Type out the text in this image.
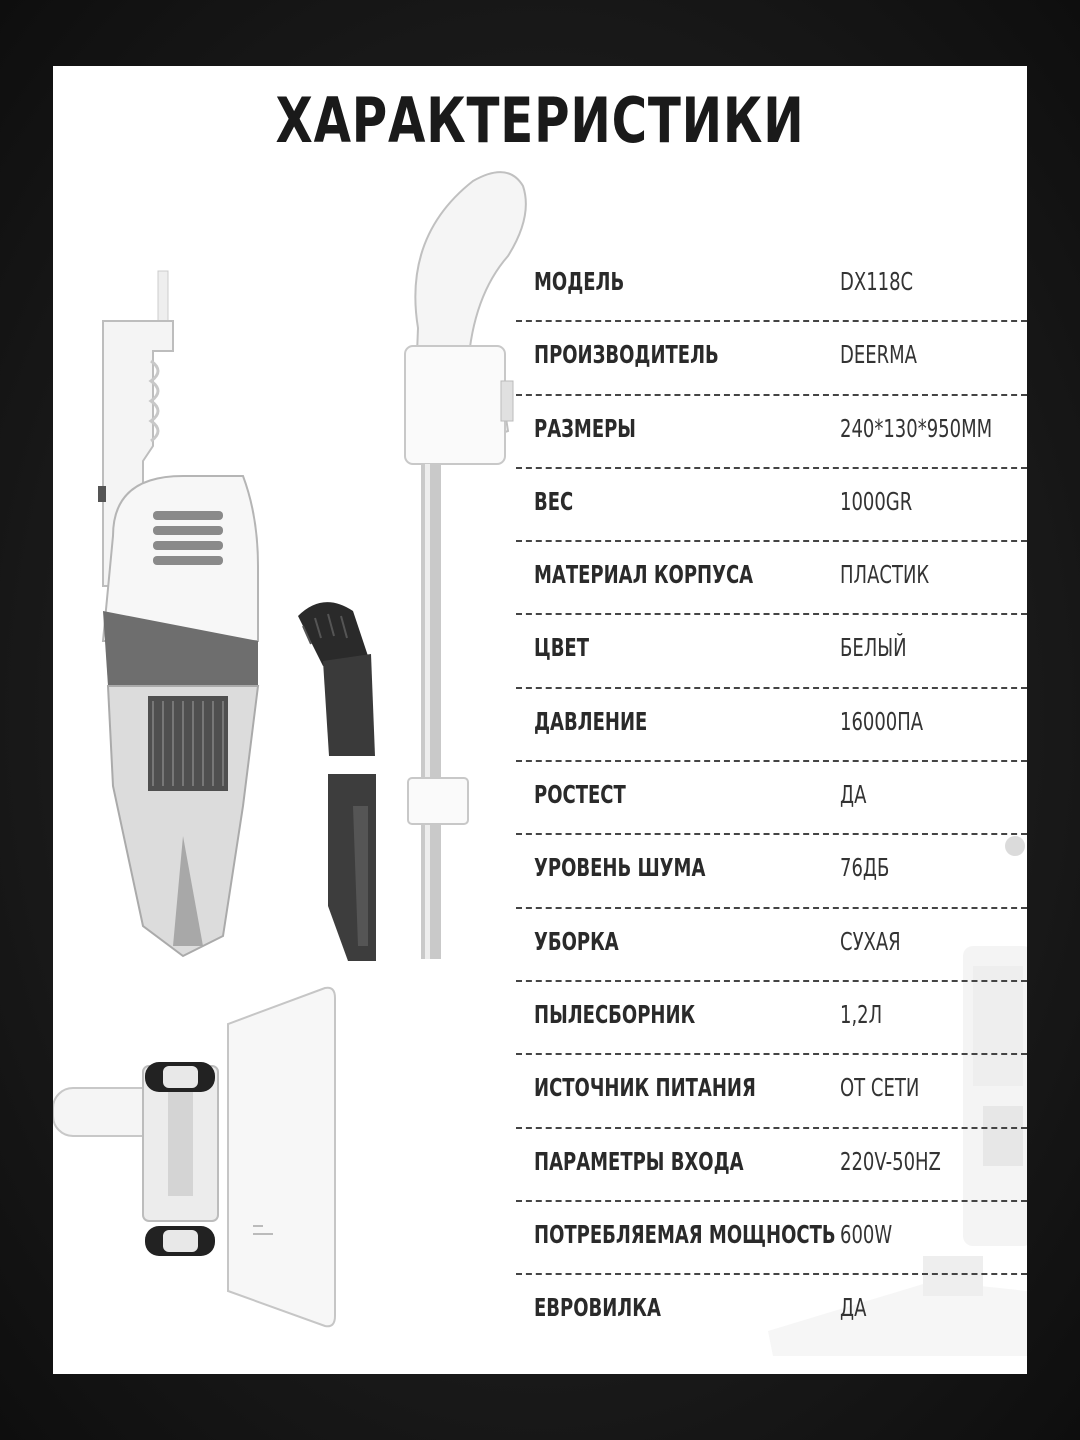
ХАРАКТЕРИСТИКИ
МОДЕЛЬ	DX118C
ПРОИЗВОДИТЕЛЬ	DEERMA
РАЗМЕРЫ	240*130*950ММ
ВЕС	1000GR
МАТЕРИАЛ КОРПУСА	ПЛАСТИК
ЦВЕТ	БЕЛЫЙ
ДАВЛЕНИЕ	16000ПА
РОСТЕСТ	ДА
УРОВЕНЬ ШУМА	76ДБ
УБОРКА	СУХАЯ
ПЫЛЕСБОРНИК	1,2Л
ИСТОЧНИК ПИТАНИЯ	ОТ СЕТИ
ПАРАМЕТРЫ ВХОДА	220V-50HZ
ПОТРЕБЛЯЕМАЯ МОЩНОСТЬ 600W
ЕВРОВИЛКА	ДА
